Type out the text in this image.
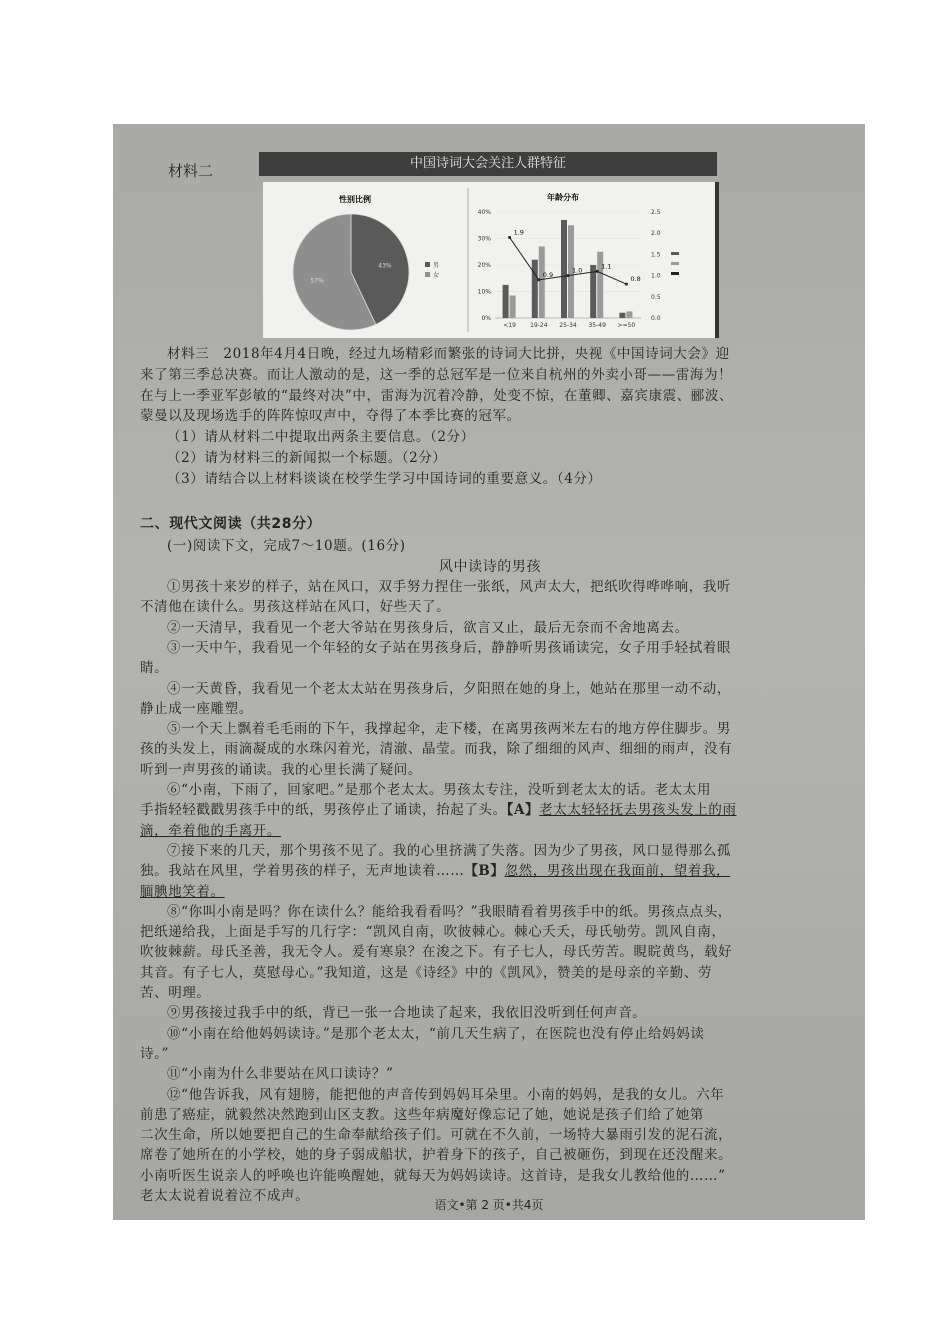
材料二	中国诗词大会关注人群特征
性别比例
43%
57%
男
女
年龄分布
0%
10%
20%
30%
40%
0.0
0.5
1.0
1.5
2.0
2.5
<19 19-24 25-34 35-49 >=50
1.9
0.9
1.0
1.1
0.8
材料三　2018年4月4日晚，经过九场精彩而繁张的诗词大比拼，央视《中国诗词大会》迎
来了第三季总决赛。而让人激动的是，这一季的总冠军是一位来自杭州的外卖小哥——雷海为！
在与上一季亚军彭敏的“最终对决”中，雷海为沉着冷静，处变不惊，在董卿、嘉宾康震、郦波、
蒙曼以及现场选手的阵阵惊叹声中，夺得了本季比赛的冠军。
（1）请从材料二中提取出两条主要信息。（2分）
（2）请为材料三的新闻拟一个标题。（2分）
（3）请结合以上材料谈谈在校学生学习中国诗词的重要意义。（4分）
二、现代文阅读（共28分）
(一)阅读下文，完成7～10题。(16分)
风中读诗的男孩
①男孩十来岁的样子，站在风口，双手努力捏住一张纸，风声太大，把纸吹得哗哗响，我听
不清他在读什么。男孩这样站在风口，好些天了。
②一天清早，我看见一个老大爷站在男孩身后，欲言又止，最后无奈而不舍地离去。
③一天中午，我看见一个年轻的女子站在男孩身后，静静听男孩诵读完，女子用手轻拭着眼
睛。
④一天黄昏，我看见一个老太太站在男孩身后，夕阳照在她的身上，她站在那里一动不动，
静止成一座雕塑。
⑤一个天上飘着毛毛雨的下午，我撑起伞，走下楼，在离男孩两米左右的地方停住脚步。男
孩的头发上，雨滴凝成的水珠闪着光，清澈、晶莹。而我，除了细细的风声、细细的雨声，没有
听到一声男孩的诵读。我的心里长满了疑问。
⑥“小南，下雨了，回家吧。”是那个老太太。男孩太专注，没听到老太太的话。老太太用
手指轻轻戳戳男孩手中的纸，男孩停止了诵读，抬起了头。【A】老太太轻轻抚去男孩头发上的雨
滴，牵着他的手离开。
⑦接下来的几天，那个男孩不见了。我的心里挤满了失落。因为少了男孩，风口显得那么孤
独。我站在风里，学着男孩的样子，无声地读着……【B】忽然，男孩出现在我面前，望着我，
腼腆地笑着。
⑧“你叫小南是吗？你在读什么？能给我看看吗？”我眼睛看着男孩手中的纸。男孩点点头，
把纸递给我，上面是手写的几行字：“凯风自南，吹彼棘心。棘心夭夭，母氏劬劳。凯风自南，
吹彼棘薪。母氏圣善，我无令人。爰有寒泉？在浚之下。有子七人，母氏劳苦。睍睆黄鸟，载好
其音。有子七人，莫慰母心。”我知道，这是《诗经》中的《凯风》，赞美的是母亲的辛勤、劳
苦、明理。
⑨男孩接过我手中的纸，背已一张一合地读了起来，我依旧没听到任何声音。
⑩“小南在给他妈妈读诗。”是那个老太太，“前几天生病了，在医院也没有停止给妈妈读
诗。”
⑪“小南为什么非要站在风口读诗？”
⑫“他告诉我，风有翅膀，能把他的声音传到妈妈耳朵里。小南的妈妈，是我的女儿。六年
前患了癌症，就毅然决然跑到山区支教。这些年病魔好像忘记了她，她说是孩子们给了她第
二次生命，所以她要把自己的生命奉献给孩子们。可就在不久前，一场特大暴雨引发的泥石流，
席卷了她所在的小学校，她的身子弱成船状，护着身下的孩子，自己被砸伤，到现在还没醒来。
小南听医生说亲人的呼唤也许能唤醒她，就每天为妈妈读诗。这首诗，是我女儿教给他的……”
老太太说着说着泣不成声。
语文•第 2 页•共4页
